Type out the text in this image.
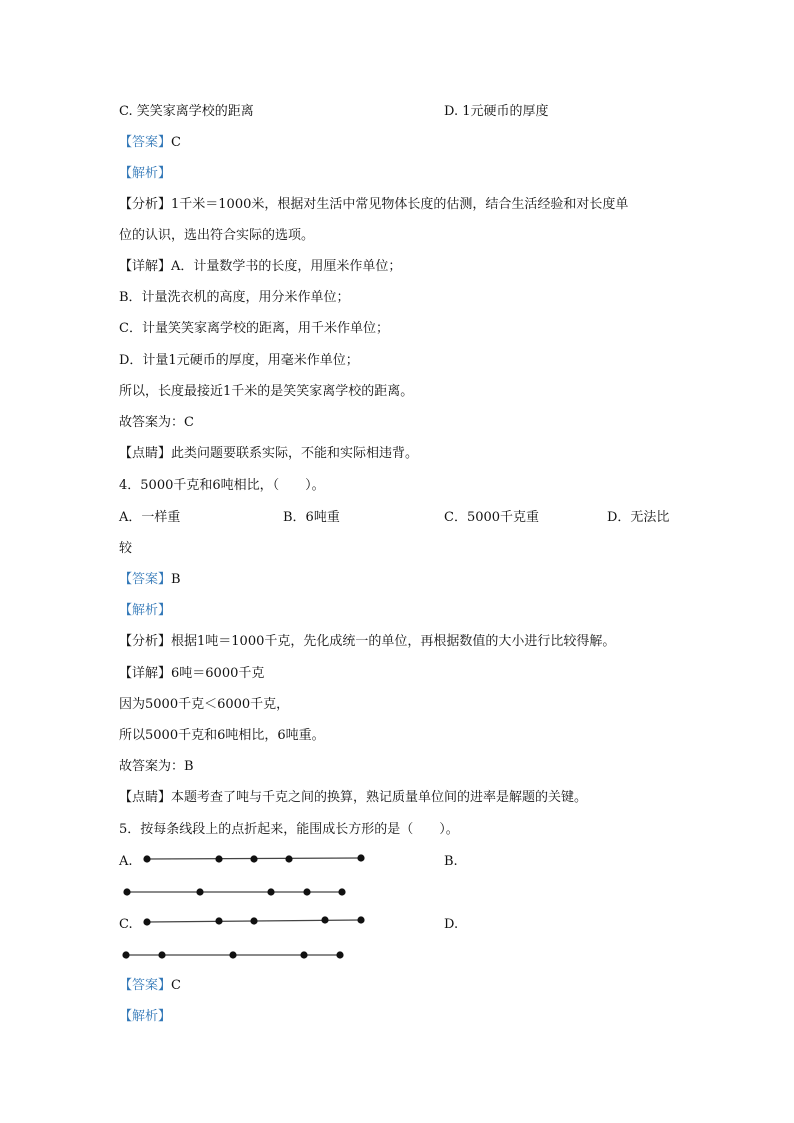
C. 笑笑家离学校的距离	D. 1元硬币的厚度
【答案】C
【解析】
【分析】1千米＝1000米，根据对生活中常见物体长度的估测，结合生活经验和对长度单
位的认识，选出符合实际的选项。
【详解】A．计量数学书的长度，用厘米作单位；
B．计量洗衣机的高度，用分米作单位；
C．计量笑笑家离学校的距离，用千米作单位；
D．计量1元硬币的厚度，用毫米作单位；
所以，长度最接近1千米的是笑笑家离学校的距离。
故答案为：C
【点睛】此类问题要联系实际，不能和实际相违背。
4．5000千克和6吨相比，（　　）。
A．一样重	B．6吨重	C．5000千克重	D．无法比
较
【答案】B
【解析】
【分析】根据1吨＝1000千克，先化成统一的单位，再根据数值的大小进行比较得解。
【详解】6吨＝6000千克
因为5000千克＜6000千克，
所以5000千克和6吨相比，6吨重。
故答案为：B
【点睛】本题考查了吨与千克之间的换算，熟记质量单位间的进率是解题的关键。
5．按每条线段上的点折起来，能围成长方形的是（　　）。
A.	B.
C.	D.
【答案】C
【解析】
